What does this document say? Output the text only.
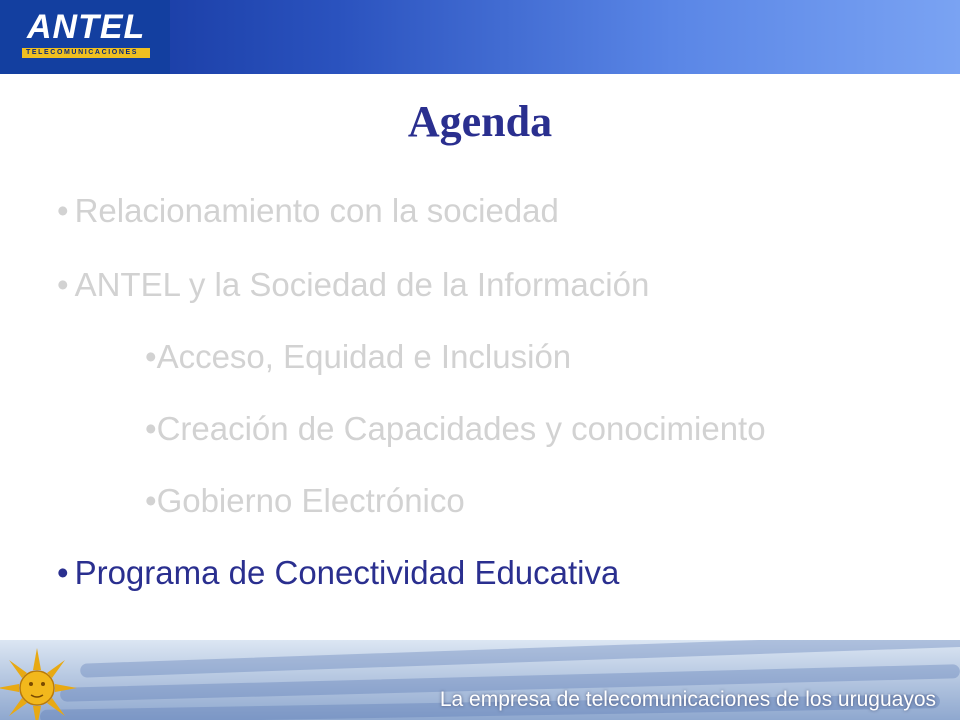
ANTEL
TELECOMUNICACIONES
Agenda
• Relacionamiento con la sociedad
• ANTEL y la Sociedad de la Información
•Acceso, Equidad e Inclusión
•Creación de Capacidades y conocimiento
•Gobierno Electrónico
• Programa de Conectividad Educativa
La empresa de telecomunicaciones de los uruguayos
